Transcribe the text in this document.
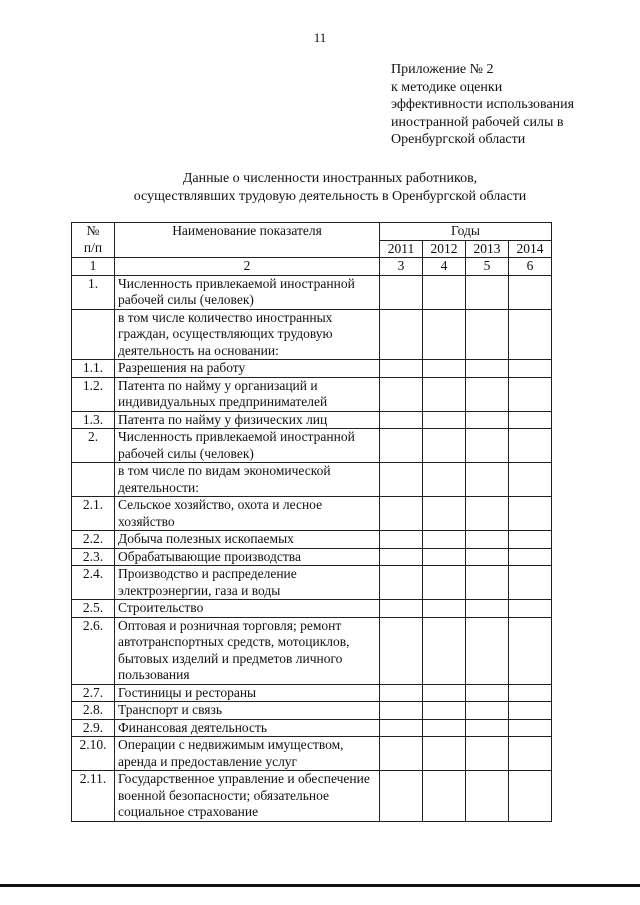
11
Приложение № 2
к методике оценки
эффективности использования
иностранной рабочей силы в
Оренбургской области
Данные о численности иностранных работников,
осуществлявших трудовую деятельность в Оренбургской области
№
п/п	Наименование показателя	Годы			
		2011	2012	2013	2014
1	2	3	4	5	6
1.	Численность привлекаемой иностранной рабочей силы (человек)				
	в том числе количество иностранных граждан, осуществляющих трудовую деятельность на основании:				
1.1.	Разрешения на работу				
1.2.	Патента по найму у организаций и индивидуальных предпринимателей				
1.3.	Патента по найму у физических лиц				
2.	Численность привлекаемой иностранной рабочей силы (человек)				
	в том числе по видам экономической деятельности:				
2.1.	Сельское хозяйство, охота и лесное хозяйство				
2.2.	Добыча полезных ископаемых				
2.3.	Обрабатывающие производства				
2.4.	Производство и распределение электроэнергии, газа и воды				
2.5.	Строительство				
2.6.	Оптовая и розничная торговля; ремонт автотранспортных средств, мотоциклов, бытовых изделий и предметов личного пользования				
2.7.	Гостиницы и рестораны				
2.8.	Транспорт и связь				
2.9.	Финансовая деятельность				
2.10.	Операции с недвижимым имуществом, аренда и предоставление услуг				
2.11.	Государственное управление и обеспечение военной безопасности; обязательное социальное страхование				
